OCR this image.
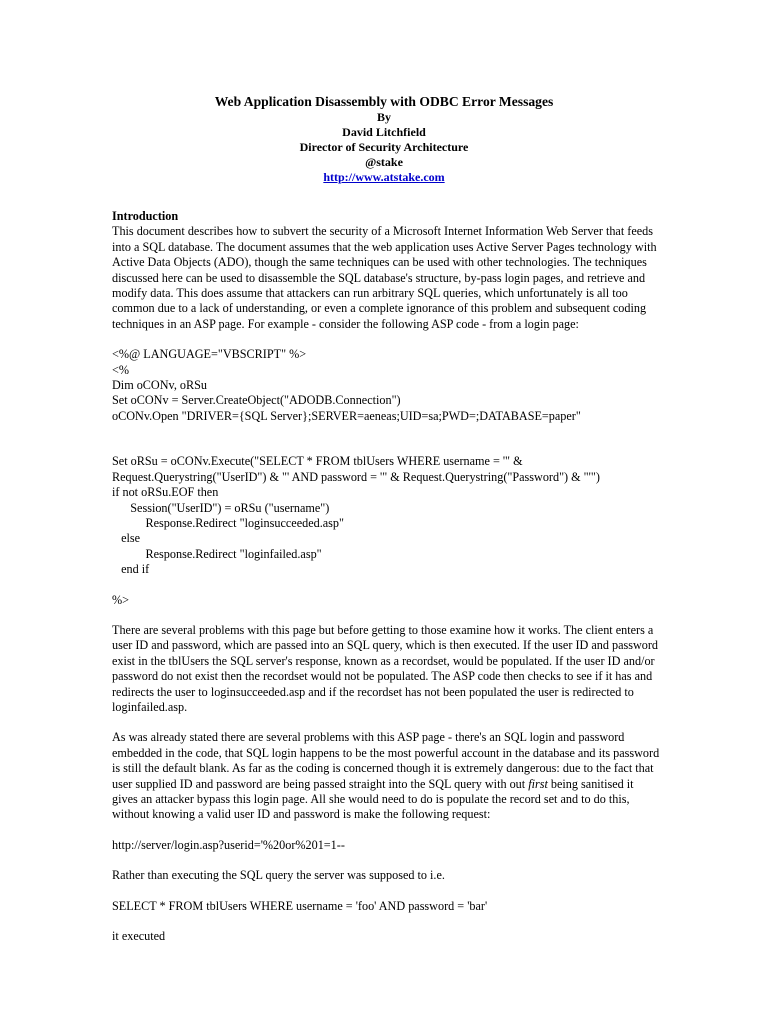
Web Application Disassembly with ODBC Error Messages
By
David Litchfield
Director of Security Architecture
@stake
http://www.atstake.com
Introduction

This document describes how to subvert the security of a Microsoft Internet Information Web Server that feeds into a SQL database. The document assumes that the web application uses Active Server Pages technology with Active Data Objects (ADO), though the same techniques can be used with other technologies. The techniques discussed here can be used to disassemble the SQL database's structure, by-pass login pages, and retrieve and modify data. This does assume that attackers can run arbitrary SQL queries, which unfortunately is all too common due to a lack of understanding, or even a complete ignorance of this problem and subsequent coding techniques in an ASP page. For example - consider the following ASP code - from a login page:

<%@ LANGUAGE="VBSCRIPT" %>
<%
Dim oCONv, oRSu
Set oCONv = Server.CreateObject("ADODB.Connection")
oCONv.Open "DRIVER={SQL Server};SERVER=aeneas;UID=sa;PWD=;DATABASE=paper"
Set oRSu = oCONv.Execute("SELECT * FROM tblUsers WHERE username = '" &
Request.Querystring("UserID") & "' AND password = '" & Request.Querystring("Password") & "'")
if not oRSu.EOF then
Session("UserID") = oRSu ("username")
Response.Redirect "loginsucceeded.asp"
else
Response.Redirect "loginfailed.asp"
end if
%>

There are several problems with this page but before getting to those examine how it works. The client enters a user ID and password, which are passed into an SQL query, which is then executed. If the user ID and password exist in the tblUsers the SQL server's response, known as a recordset, would be populated. If the user ID and/or password do not exist then the recordset would not be populated. The ASP code then checks to see if it has and redirects the user to loginsucceeded.asp and if the recordset has not been populated the user is redirected to loginfailed.asp.

As was already stated there are several problems with this ASP page - there's an SQL login and password embedded in the code, that SQL login happens to be the most powerful account in the database and its password is still the default blank. As far as the coding is concerned though it is extremely dangerous: due to the fact that user supplied ID and password are being passed straight into the SQL query with out first being sanitised it gives an attacker bypass this login page. All she would need to do is populate the record set and to do this, without knowing a valid user ID and password is make the following request:

http://server/login.asp?userid='%20or%201=1--

Rather than executing the SQL query the server was supposed to i.e.

SELECT * FROM tblUsers WHERE username = 'foo' AND password = 'bar'

it executed
